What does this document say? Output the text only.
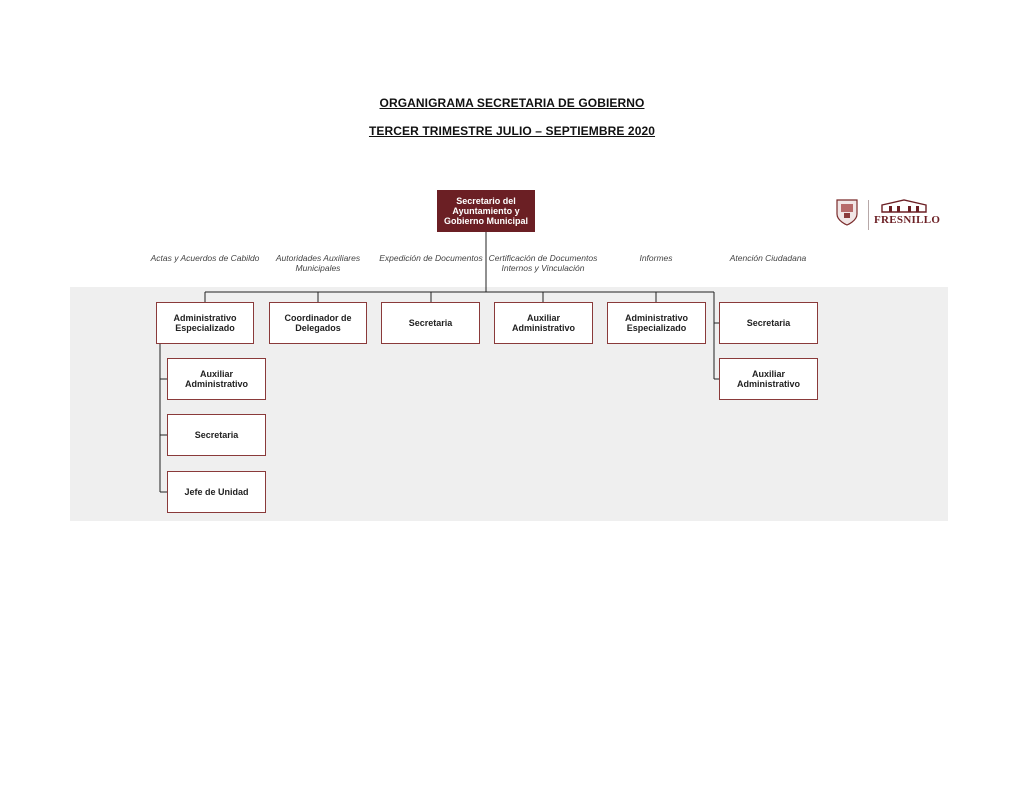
ORGANIGRAMA SECRETARIA DE GOBIERNO
TERCER TRIMESTRE JULIO – SEPTIEMBRE 2020
FRESNILLO
Secretario del Ayuntamiento y Gobierno Municipal
Actas y Acuerdos de Cabildo	Autoridades Auxiliares Municipales
Expedición de Documentos Certificación de Documentos Internos y Vinculación
Informes	Atención Ciudadana
Administrativo Especializado
Coordinador de Delegados	Secretaria	Auxiliar Administrativo
Administrativo Especializado	Secretaria
Auxiliar Administrativo
Secretaria
Jefe de Unidad
Auxiliar Administrativo
